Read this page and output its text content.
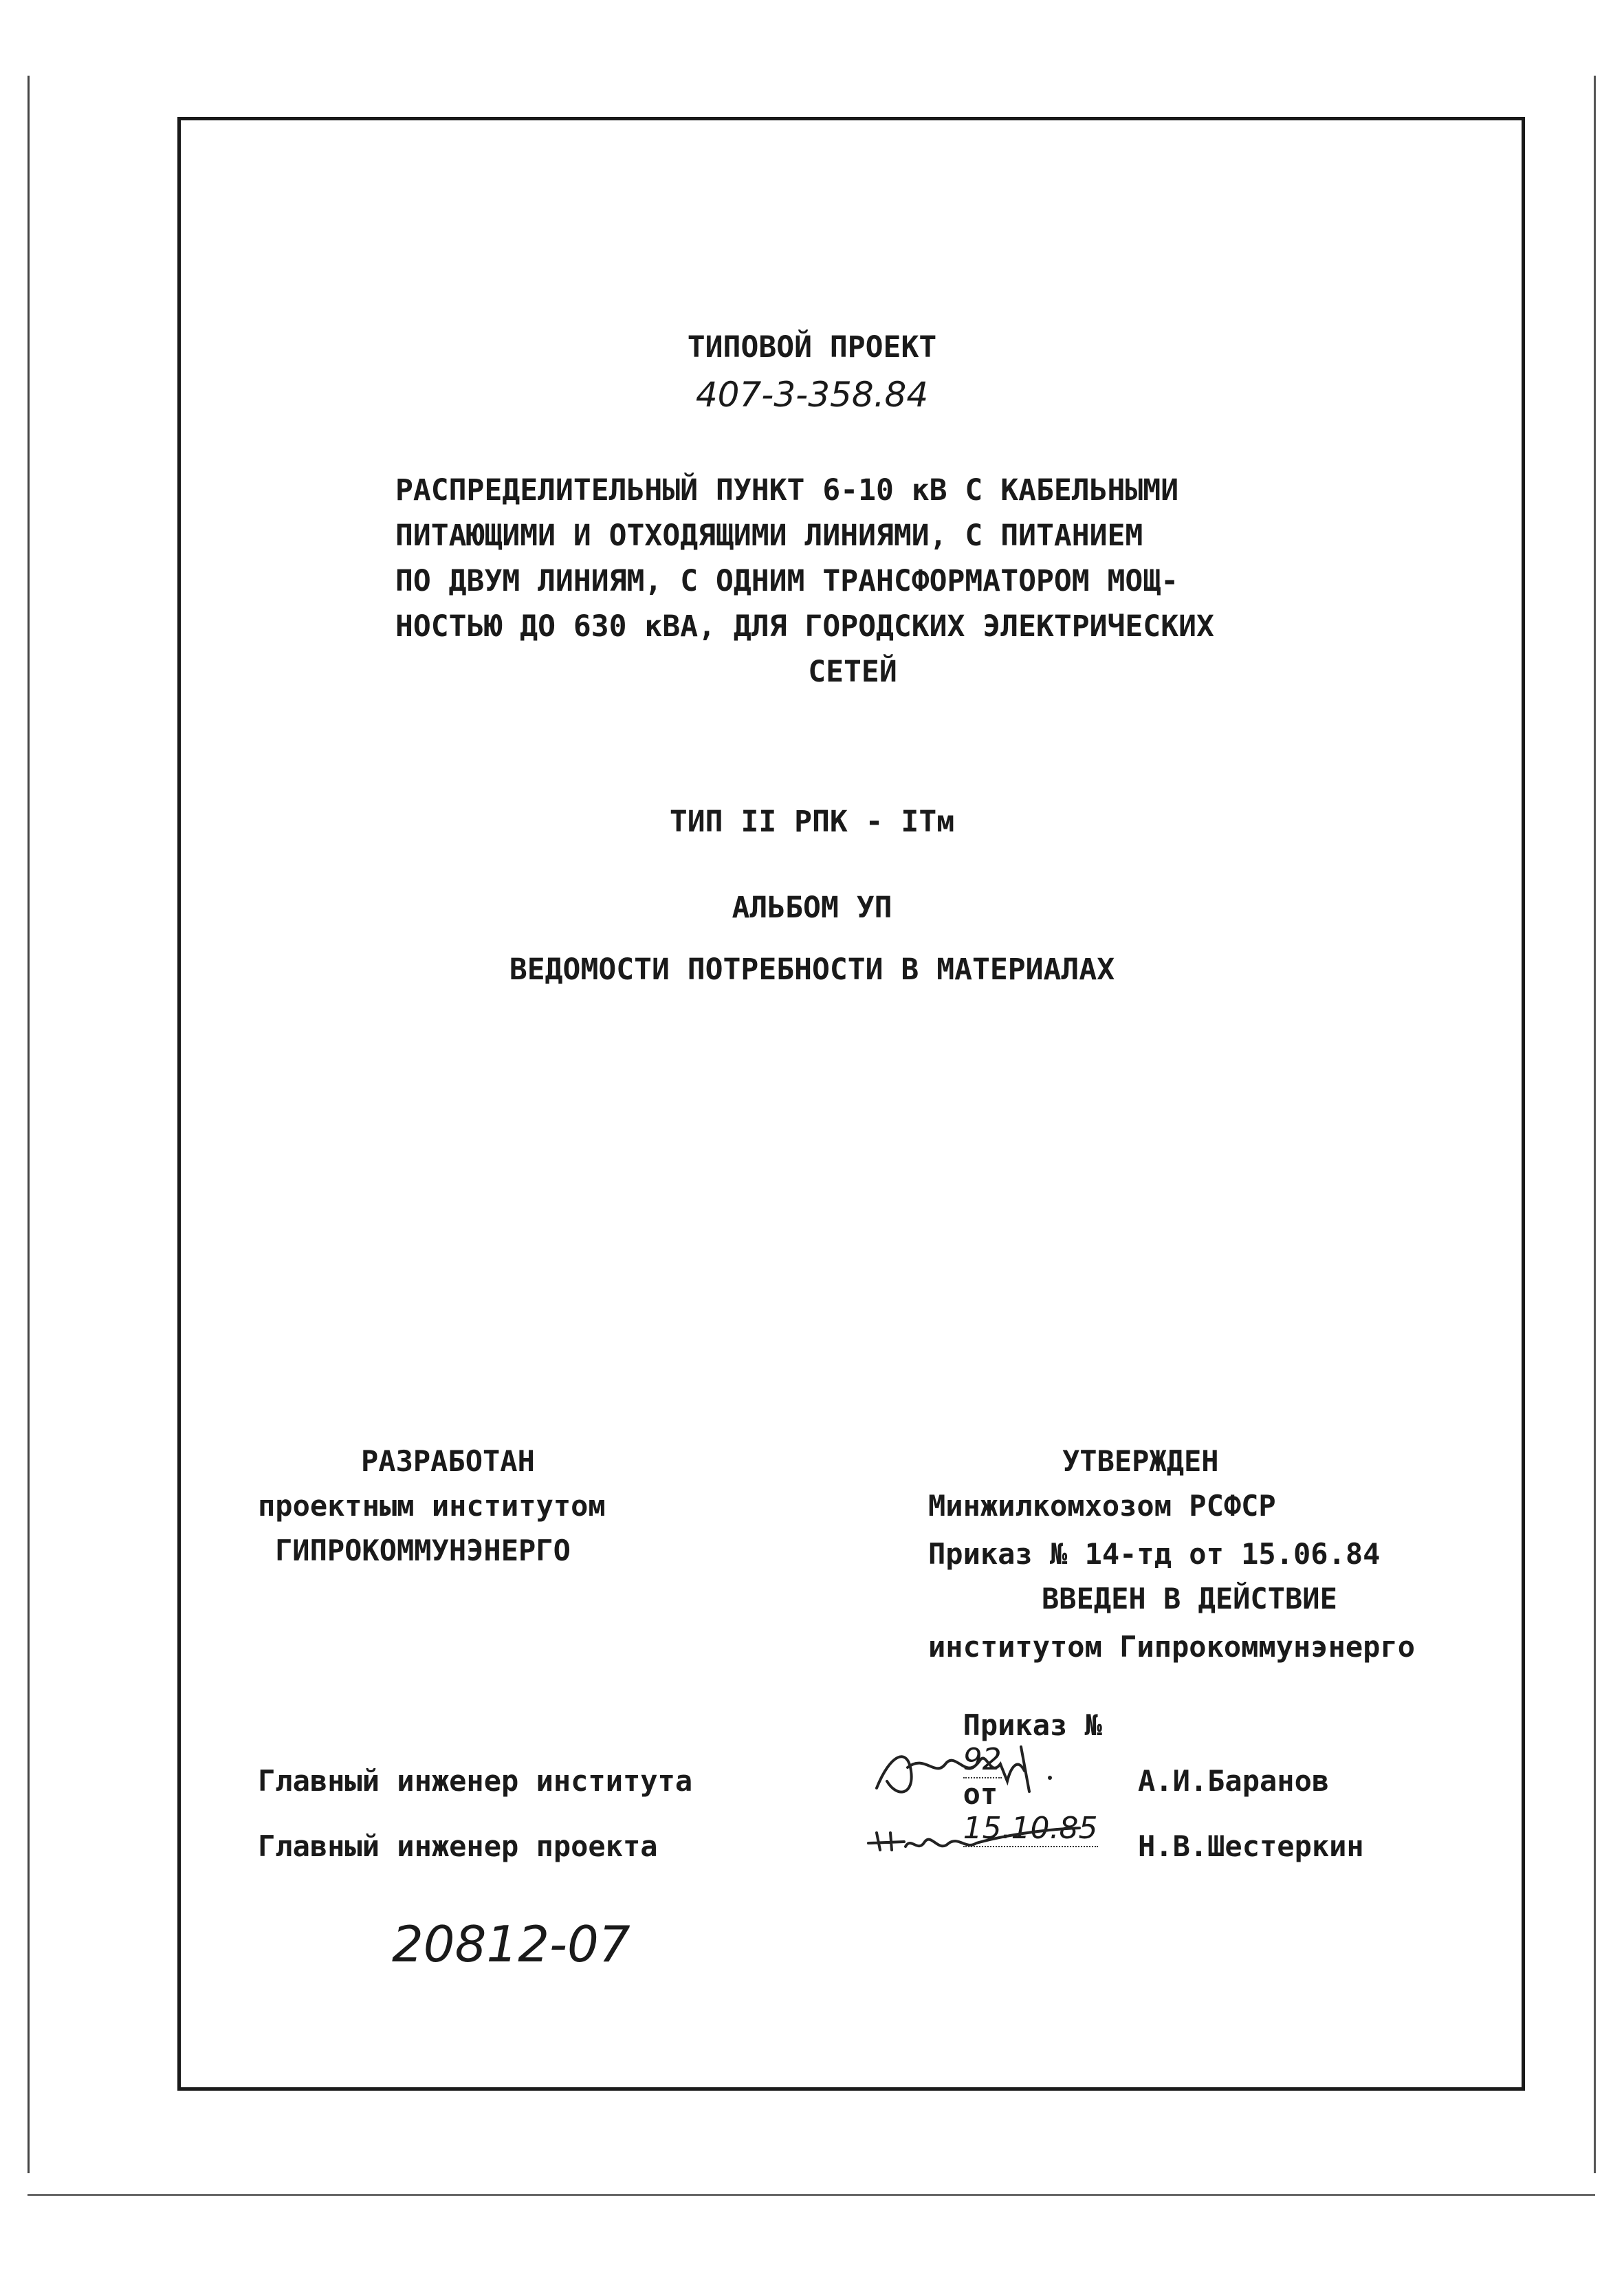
ТИПОВОЙ ПРОЕКТ
407-3-358.84
РАСПРЕДЕЛИТЕЛЬНЫЙ ПУНКТ 6-10 кВ С КАБЕЛЬНЫМИ
ПИТАЮЩИМИ И ОТХОДЯЩИМИ ЛИНИЯМИ, С ПИТАНИЕМ
ПО ДВУМ ЛИНИЯМ, С ОДНИМ ТРАНСФОРМАТОРОМ МОЩ-
НОСТЬЮ ДО 630 кВА, ДЛЯ ГОРОДСКИХ ЭЛЕКТРИЧЕСКИХ
СЕТЕЙ
ТИП II РПК - IТм
АЛЬБОМ УП
ВЕДОМОСТИ ПОТРЕБНОСТИ В МАТЕРИАЛАХ
РАЗРАБОТАН
проектным институтом
ГИПРОКОММУНЭНЕРГО
УТВЕРЖДЕН
Минжилкомхозом РСФСР
Приказ № 14-тд от 15.06.84
ВВЕДЕН В ДЕЙСТВИЕ
институтом Гипрокоммунэнерго

Приказ №
92
от
15.10.85

Главный инженер института	А.И.Баранов
Главный инженер проекта	Н.В.Шестеркин
20812-07
